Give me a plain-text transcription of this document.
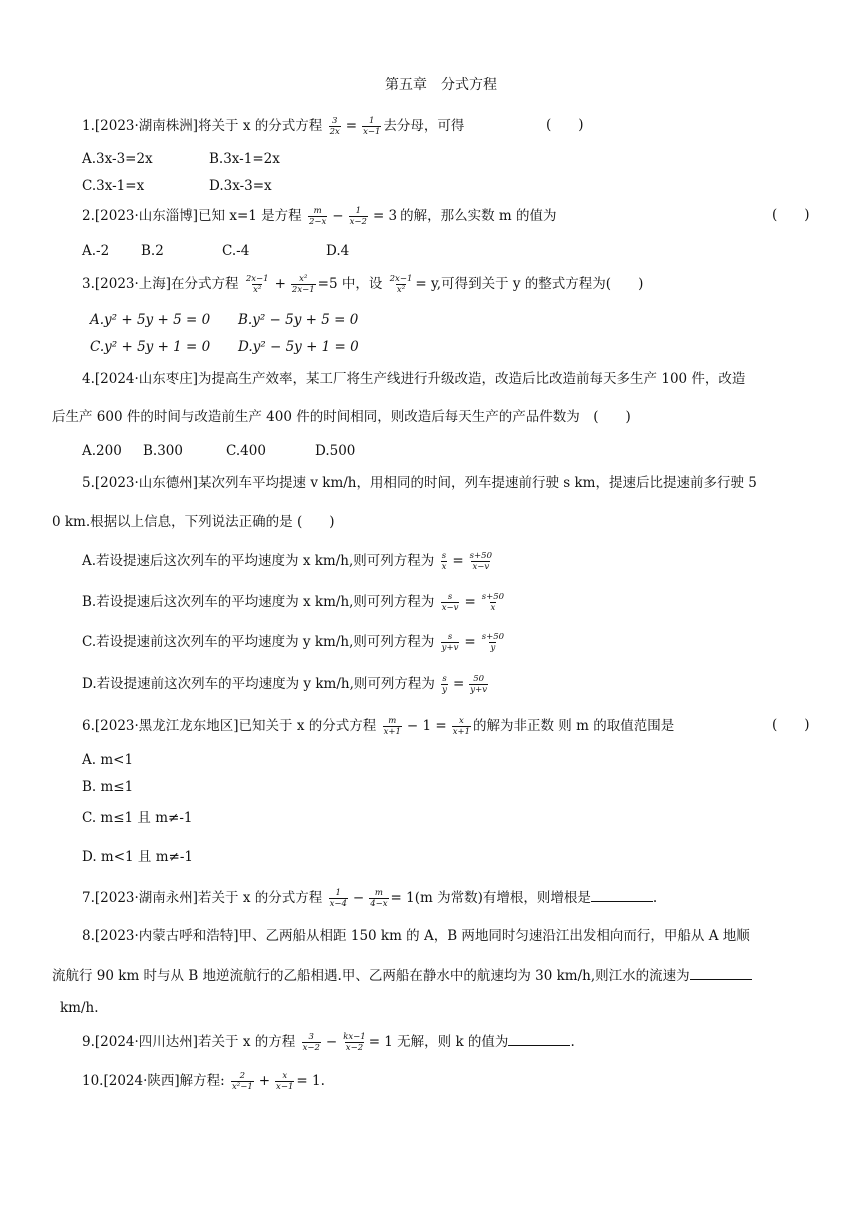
第五章　分式方程
1.[2023·湖南株洲]将关于 x 的分式方程 $\frac{3}{2x} = \frac{1}{x-1}$ 去分母，可得	(　　)
A.3x-3=2x	B.3x-1=2x
C.3x-1=x	D.3x-3=x
2.[2023·山东淄博]已知 x=1 是方程 $\frac{m}{2-x} - \frac{1}{x-2} = 3$ 的解，那么实数 m 的值为	(　　)
A.-2 B.2	C.-4	D.4
3.[2023·上海]在分式方程 $\frac{2x-1}{\text{x²}} + \frac{\text{x²}}{2x-1} =5$ 中，设 $\frac{2x-1}{\text{x²}} = y$,可得到关于 y 的整式方程为(　　)
A.y² + 5y + 5 = 0 B.y² − 5y + 5 = 0
C.y² + 5y + 1 = 0 D.y² − 5y + 1 = 0
4.[2024·山东枣庄]为提高生产效率，某工厂将生产线进行升级改造，改造后比改造前每天多生产 100 件，改造
后生产 600 件的时间与改造前生产 400 件的时间相同，则改造后每天生产的产品件数为　(　　)
A.200 B.300	C.400	D.500
5.[2023·山东德州]某次列车平均提速 v km/h，用相同的时间，列车提速前行驶 s km，提速后比提速前多行驶 5
0 km.根据以上信息，下列说法正确的是 (　　)
A.若设提速后这次列车的平均速度为 x km/h,则可列方程为 $\frac{s}{x} = \frac{s+50}{x-v}$
B.若设提速后这次列车的平均速度为 x km/h,则可列方程为 $\frac{s}{x-v} = \frac{s+50}{x}$
C.若设提速前这次列车的平均速度为 y km/h,则可列方程为 $\frac{s}{y+v} = \frac{s+50}{y}$
D.若设提速前这次列车的平均速度为 y km/h,则可列方程为 $\frac{s}{y} = \frac{50}{y+v}$
6.[2023·黑龙江龙东地区]已知关于 x 的分式方程 $\frac{m}{x+1} - 1 = \frac{x}{x+1}$ 的解为非正数 则 m 的取值范围是	(　　)
A. m<1
B. m≤1
C. m≤1 且 m≠-1
D. m<1 且 m≠-1
7.[2023·湖南永州]若关于 x 的分式方程 $\frac{1}{x-4} - \frac{m}{4-x} = 1(m$ 为常数)有增根，则增根是	.
8.[2023·内蒙古呼和浩特]甲、乙两船从相距 150 km 的 A，B 两地同时匀速沿江出发相向而行，甲船从 A 地顺
流航行 90 km 时与从 B 地逆流航行的乙船相遇.甲、乙两船在静水中的航速均为 30 km/h,则江水的流速为
km/h.
9.[2024·四川达州]若关于 x 的方程 $\frac{3}{x-2} - \frac{kx-1}{x-2} = 1$ 无解，则 k 的值为	.
10.[2024·陕西]解方程: $\frac{2}{\text{x²−1}} + \frac{x}{x-1} = 1$.
